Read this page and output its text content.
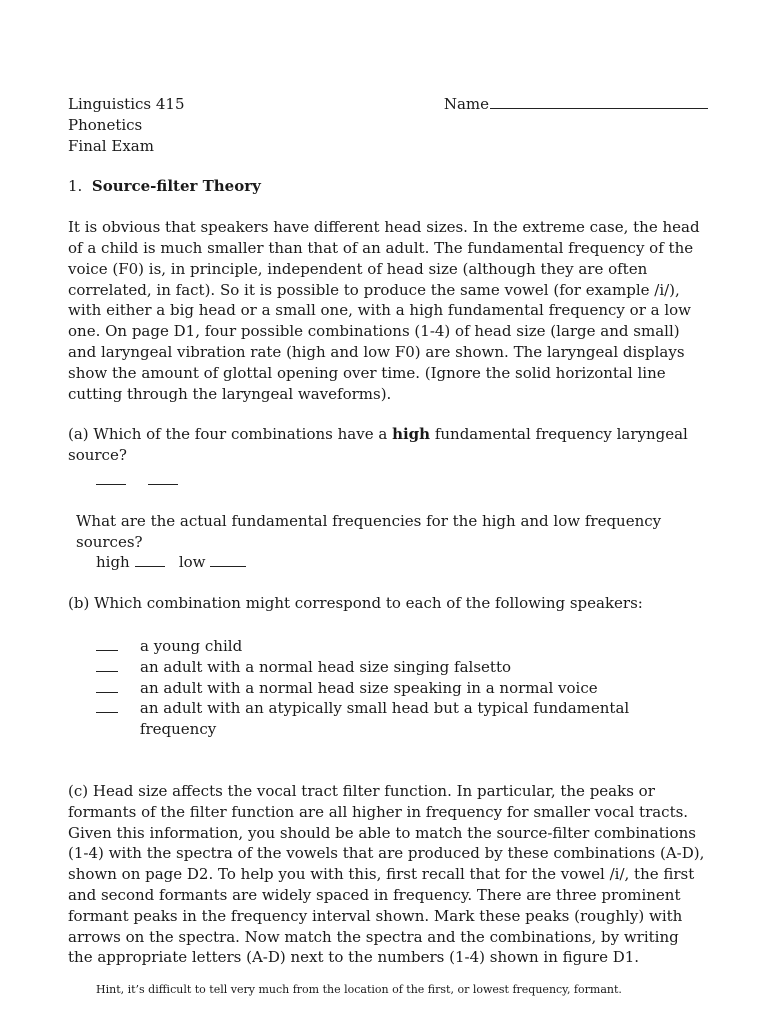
Linguistics 415
Phonetics
Final Exam
Name
1. Source-filter Theory
It is obvious that speakers have different head sizes. In the extreme case, the head of a child is much smaller than that of an adult. The fundamental frequency of the voice (F0) is, in principle, independent of head size (although they are often correlated, in fact). So it is possible to produce the same vowel (for example /i/), with either a big head or a small one, with a high fundamental frequency or a low one. On page D1, four possible combinations (1-4) of head size (large and small) and laryngeal vibration rate (high and low F0) are shown. The laryngeal displays show the amount of glottal opening over time. (Ignore the solid horizontal line cutting through the laryngeal waveforms).
(a) Which of the four combinations have a high fundamental frequency laryngeal source?
What are the actual fundamental frequencies for the high and low frequency sources?
high	low
(b) Which combination might correspond to each of the following speakers:
a young child
an adult with a normal head size singing falsetto
an adult with a normal head size speaking in a normal voice
an adult with an atypically small head but a typical fundamental frequency
(c) Head size affects the vocal tract filter function. In particular, the peaks or formants of the filter function are all higher in frequency for smaller vocal tracts. Given this information, you should be able to match the source-filter combinations (1-4) with the spectra of the vowels that are produced by these combinations (A-D), shown on page D2. To help you with this, first recall that for the vowel /i/, the first and second formants are widely spaced in frequency. There are three prominent formant peaks in the frequency interval shown. Mark these peaks (roughly) with arrows on the spectra. Now match the spectra and the combinations, by writing the appropriate letters (A-D) next to the numbers (1-4) shown in figure D1.
Hint, it’s difficult to tell very much from the location of the first, or lowest frequency, formant.
